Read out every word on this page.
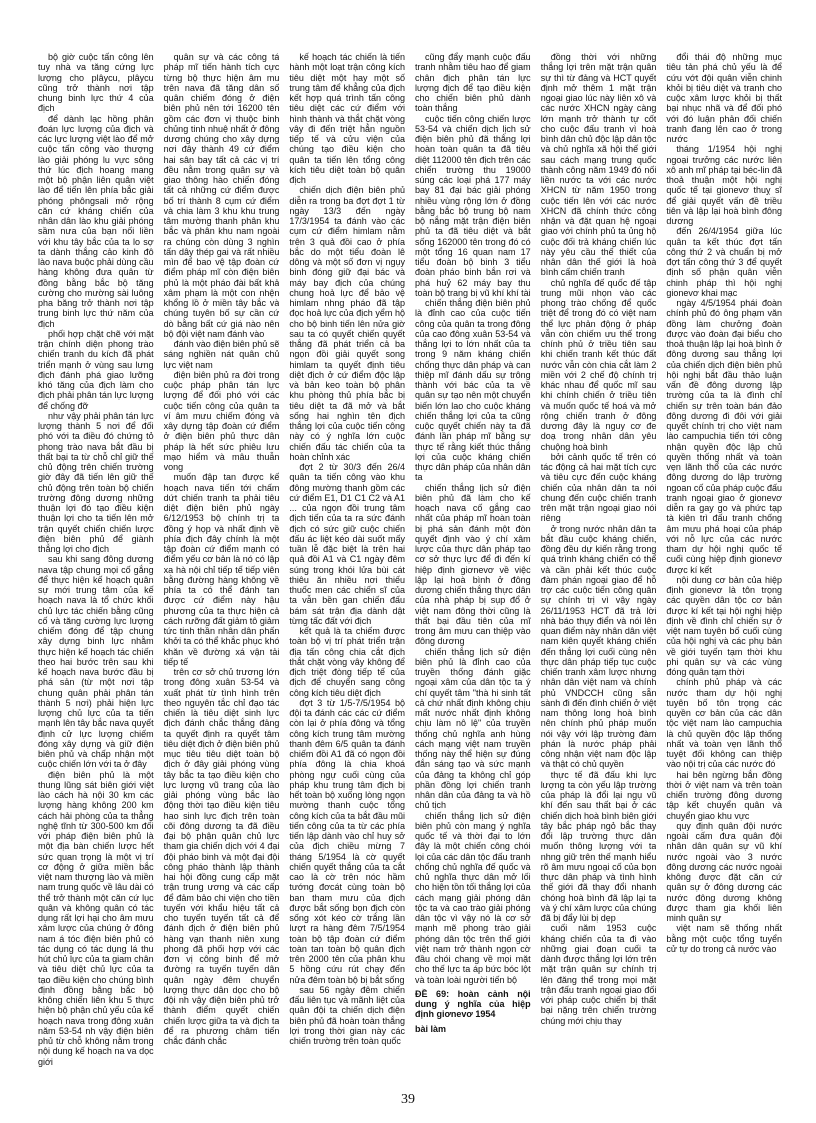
bộ giờ cuộc tấn công lên tuy nhà va tăng cứng lực lượng cho plâycu, plâycu cũng trở thành nơi tập chung binh lực thứ 4 của địch

để dành lạc hồng phân đoán lực lượng của địch và các lực lượng việt lào để mở cuộc tấn công vào thượng lào giải phóng lu vực sông thứ lúc địch hoang mang một bộ phận liên quân việt lào để tiến lên phía bắc giải phóng phôngsali mở rộng căn cứ kháng chiến của nhân dân lào khu giải phóng sầm nưa của bạn nối liền với khu tây bắc của ta lo sợ ta dành thắng cảo kinh đô lào nava buộc phải dùng cầu hàng không đưa quân từ đồng bằng bắc bộ tăng cường cho mường sài luông pha băng trở thành nơi tập trung binh lực thứ năm của địch

phối hợp chặt chẽ với mặt trận chính diện phong trào chiến tranh du kích đã phát triển mạnh ở vùng sau lưng địch đánh phá giao lưỡng khó tăng của địch làm cho địch phải phân tán lực lượng để chống đỡ

như vậy phải phân tán lực lượng thành 5 nơi để đối phó với ta điều đó chứng tỏ phong trào nava bắt đầu bị thất bại ta từ chỗ chỉ giữ thế chủ động trên chiến trường giờ đây đã tiến lên giữ thế chủ động trên toàn bộ chiến trường đông dương những thuận lợi đó tạo điều kiện thuận lợi cho ta tiến lên mở trận quyết chiến chiến lược điện biên phủ để giành thắng lợi cho địch

sau khi sang đông dương nava tập chung mọi cố gắng để thực hiện kế hoạch quân sự mới trung tâm của kế hoạch nava là tổ chức khối chủ lực tác chiến bằng cũng cố và tăng cường lực lượng chiếm đóng để tập chung xây dựng binh lực nhằm thực hiện kế hoạch tác chiến theo hai bước trên sau khi kế hoạch nava bước đầu bị phá sản (từ một nơi tập chung quân phải phân tán thành 5 nơi) phải hiện lực lượng chủ lực của ta tiến mạnh lên tây bắc nava quyết định cử lực lượng chiếm đóng xây dựng và giữ điện biên phủ và chấp nhận một cuộc chiến lớn với ta ở đây

điện biên phủ là một thung lũng sát biên giới việt lào cách hà nội 30 km các lượng hàng không 200 km cách hải phòng của ta thẳng nghệ tĩnh từ 300-500 km đối với pháp điện biên phủ là một địa bàn chiến lược hết sức quan trọng là một vị trí cơ động ở giữa miền bắc việt nam thượng lào và miền nam trung quốc về lâu dài có thể trở thành một căn cứ lục quân và không quân có tác dụng rất lợi hại cho âm mưu xâm lược của chúng ở đông nam á tóc điện biên phủ có tác dụng có tác dụng lá thu hút chủ lực của ta giam chân và tiêu diệt chủ lực của ta tạo điều kiện cho chúng bình định đồng bằng bắc bộ không chiến liên khu 5 thực hiện bộ phận chủ yếu của kế hoạch nava trong đông xuân năm 53-54 nh vậy điện biên phủ từ chỗ không nằm trong nội dung kế hoạch na va dọc giới

quân sự và các công tá pháp mĩ tiến hành tích cực từng bộ thực hiện âm mu trên nava đã tăng dân số quân chiếm đóng ở điện biên phủ nên tới 16200 tên gồm các đơn vị thuộc binh chủng tinh nhuệ nhất ở đông dương chúng cho xây dựng nơi đây thành 49 cứ điểm hai sân bay tất cả các vị trí đều nằm trong quân sự và giao thông hào chiến đóng tất cả những cứ điểm được bố trí thành 8 cụm cứ điểm và chia làm 3 khu khu trung tâm mường thanh phân khu bắc và phân khu nam ngoài ra chúng còn dùng 3 nghìn tấn dây thép gai và rất nhiều mìn để bao vệ tập đoàn cứ điểm pháp mĩ còn điện biên phủ là một pháo đài bất khả xâm phạm là một con nhện khổng lồ ở miền tây bắc và chúng tuyên bố sự cần cứ dò bằng bất cứ giá nào nên bộ đội việt nam đánh vào

đánh vào điện biên phủ sẽ sáng nghiền nát quân chủ lực việt nam

điện biên phủ ra đời trong cuộc pháp phân tán lực lượng để đối phó với các cuộc tiến công của quân ta ví âm mưu chiếm đóng và xây dựng tập đoàn cứ điểm ở điện biên phủ thực dân pháp là hết sức phiêu lưu mạo hiểm và mâu thuẫn vong

muốn đập tan được kế hoạch nava tiến tới chấm dứt chiến tranh ta phải tiêu diệt điện biên phủ ngày 6/12/1953 bộ chính trị ta đồng ý họp và nhất định về phía địch đây chính là một tập đoàn cứ điểm mạnh có điểm yếu cơ bản là nó có lập xa hà nội chỉ tiếp tế tiếp viên bằng đường hàng không về phía ta có thể đánh tan được cứ điểm này hậu phương của ta thực hiện cả cách rưỡng đất giảm tô giảm tức tinh thần nhân dân phấn khởi ta có thể khắc phục khó khăn về đường xá vận tải tiếp tế

trên cơ sở chủ trương lớn trong đông xuân 53-54 và xuất phát từ tình hình trên theo nguyên tắc chỉ đạo tác chiến là tiêu diệt sinh lực địch đánh chắc thắng đảng ta quyết định ra quyết tâm tiêu diệt địch ở điện biên phủ mục tiêu tiêu diệt toàn bộ địch ở đây giải phóng vùng tây bắc ta tạo điều kiện cho lực lượng vũ trang của lào giải phóng vùng bắc lào động thời tạo điều kiện tiêu hao sinh lực địch trên toàn cõi đông dương ta đã điều đại bộ phận quân chủ lực tham gia chiến dịch với 4 đại đội pháo binh và một đại đội công pháo thành lập thành hai hội đồng cung cấp mặt trận trung ương và các cấp để đảm bảo chi viện cho tiền tuyến với khẩu hiệu tất cả cho tuyến tuyến tất cả để đánh địch ở điện biên phủ hàng vạn thanh niên xung phong đã phối hợp với các đơn vị công binh để mở đường ra tuyến tuyến dân quân ngày đêm chuyển lượng thực dân dọc cho bộ đội nh vậy điện biên phủ trở thành điểm quyết chiến chiến lược giữa ta và địch ta để ra phương châm tiến chắc đánh chắc

kế hoạch tác chiến là tiến hành một loạt trận công kích tiêu diệt một hay một số trung tâm để khẳng của địch kết hợp quá trình tấn công tiêu diệt các cứ điểm với hình thành và thắt chặt vòng vây đi đến triệt hẳn nguồn tiếp tế và cửu viện của chúng tạo điều kiện cho quân ta tiến lên tổng công kích tiêu diệt toàn bộ quân địch

chiến dịch điện biên phủ diễn ra trong ba đợt đợt 1 từ ngày 13/3 đến ngày 17/3/1954 ta đánh vào các cụm cứ điểm himlam nằm trên 3 quả đồi cao ở phía bắc do một tiểu đoàn lê dông và một số đơn vị ngụy binh đóng giữ đại bác và máy bay địch của chúng chung hoả lực để bảo vệ himlam nhng pháo đã tập đọc hoả lực của địch yểm hộ cho bộ binh tiến lên nửa giờ sau ta có quyết chiến quyết thắng đã phát triển cả ba ngọn đồi giải quyết song himlam ta quyết định tiêu diệt địch ở cứ điểm độc lập và bản keo toàn bộ phân khu phòng thủ phía bắc bị tiêu diệt ta đã mở và bắt sống hai nghìn tên địch thắng lợi của cuộc tiến công này có ý nghĩa lớn cuộc chiến đấu tác chiến của ta hoàn chỉnh xác

đợt 2 từ 30/3 đến 26/4 quân ta tiến công vào khu đông mường thanh gồm các cứ điểm E1, D1 C1 C2 và A1 ... của ngọn đồi trung tâm địch tiến của ta ra sức đánh địch có sức giữ cuộc chiến đấu ác liệt kéo dài suốt mấy tuần lễ đặc biệt là trên hai quả đồi A1 và C1 ngày đêm súng trong khói lửa bùi cát thiêu ăn nhiều nơi thiếu thuốc men các chiến sĩ của ta vẫn bền gan chiến đấu bám sát trận địa dành dật từng tấc đất với địch

kết quả là ta chiếm được toàn bộ vị trí phát triển trận địa tấn công chia cắt địch thắt chặt vòng vây không để địch triệt đòng tiếp tế của địch để chuyển sang công công kích tiêu diệt địch

đợt 3 từ 1/5-7/5/1954 bộ đội ta đánh các các cứ điểm còn lại ở phía đông và tổng công kích trung tâm mường thanh đêm 6/5 quân ta đánh chiếm đồi A1 đã có ngọn đồi phía đông là chia khoá phòng ngự cuối cùng của pháp khu trung tâm địch bị hết toàn bộ xuống lòng ngọn mường thanh cuộc tổng công kích của ta bắt đầu mũi tiến công của ta từ các phía tiến lập dành vào chỉ huy sở của địch chiều mừng 7 tháng 5/1954 là cờ quyết chiến quyết thắng của ta cắt cao là cờ trên nóc hầm tướng đơcát cùng toàn bộ ban tham mưu của địch được bắt sống bọn địch còn sống xót kéo cờ trắng lần lượt ra hàng đêm 7/5/1954 toàn bộ tập đoàn cứ điểm toàn tan toàn bộ quân địch trên 2000 tên của phân khu 5 hồng cứu rút chạy đến nửa đêm toàn bộ bị bắt sống

sau 56 ngày đêm chiến đấu liên tục và mãnh liệt của quân đội ta chiến dịch điện biên phủ đã hoàn toàn thắng lợi trong thời gian này các chiến trường trên toàn quốc

cũng đẩy mạnh cuộc đấu tranh nhằm tiêu hao để giam chân địch phân tán lực lượng địch để tạo điều kiện cho chiến biên phủ dành toàn thắng

cuộc tiến công chiến lược 53-54 và chiến dịch lịch sử điện biên phủ đã thắng lợi hoàn toàn quân ta đã tiêu diệt 112000 tên địch trên các chiến trường thu 19000 súng các loại phá 177 máy bay 81 đại bác giải phóng nhiều vùng rộng lớn ở đồng bằng bắc bộ trung bộ nam bộ nắng mặt trận điện biên phủ ta đã tiêu diệt và bắt sống 162000 tên trong đó có một tổng 16 quan nam 17 tiểu đoàn bộ binh 3 tiểu đoàn pháo binh bắn rơi và phá huỷ 62 máy bay thu toàn bộ trang bị vũ khí khí tài

chiến thắng điện biên phủ là đỉnh cao của cuộc tiến công của quân ta trong đông của cao đông xuân 53-54 và thắng lợi to lớn nhất của ta trong 9 năm kháng chiến chống thực dân pháp và can thiệp mĩ đánh dấu sự trông thành với bác của ta về quân sự tạo nên một chuyển biến lớn lao cho cuộc kháng chiến thắng lợi của ta cũng cuộc quyết chiến này ta đã đánh lần pháp mĩ bằng sự thực tế rằng kiết thúc thắng lợi của cuộc kháng chiến thực dân pháp của nhân dân ta

chiến thắng lịch sử điện biên phủ đã làm cho kế hoạch nava cố gắng cao nhất của pháp mĩ hoàn toàn bị phá sản đánh một đòn quyết định vào ý chí xâm lược của thực dân pháp tạo cơ sở thực lực để đi đến kí hiệp định giơnevơ về việc lập lại hoà bình ở đông dương chiến thắng thực dân của nhà pháp bị sụp đổ ở việt nam đông thời cũng là thất bại đầu tiên của mĩ trong âm mưu can thiệp vào đông dương

chiến thắng lịch sử điện biên phủ là đỉnh cao của truyền thống đánh giặc ngoại xâm của dân tộc ta ý chí quyết tâm "thà hi sinh tất cả chứ nhất định không chịu mất nước nhất định không chịu làm nô lệ" của truyền thống chủ nghĩa anh hùng cách mạng việt nam truyền thống này thể hiện sự đúng đắn sáng tạo và sức mạnh của đảng ta không chỉ góp phần đồng lợi chiến tranh nhân dân của đảng ta và hồ chủ tịch

chiến thắng lịch sử điện biên phủ còn mang ý nghĩa quốc tế và thời đại to lớn đây là một chiến công chói lọi của các dân tộc đấu tranh chống chủ nghĩa đế quốc và chủ nghĩa thực dân mở lối cho hiện tồn tối thắng lợi của cách mạng giải phóng dân tộc ta và cao trào giải phóng dân tộc vì vậy nó là cơ sở mạnh mẽ phong trào giải phóng dân tộc trên thế giới việt nam trở thành ngọn cờ đầu chói chang về mọi mặt cho thế lực ta áp bức bóc lột và toàn loài người tiến bộ

ĐỀ 69: hoàn cảnh nội dung ý nghĩa của hiệp định giơnevơ 1954

bài làm

đồng thời với những thắng lợi trên mặt trận quân sự thì từ đảng và HCT quyết định mở thêm 1 mặt trận ngoại giao lúc này liên xô và các nước XHCN ngày càng lớn mạnh trở thành tự cốt cho cuộc đấu tranh vì hoà bình dân chủ độc lập dân tộc và chủ nghĩa xã hội thế giới sau cách mạng trung quốc thành công năm 1949 đó nối liền nước ta với các nước XHCN từ năm 1950 trong cuộc tiến lên với các nước XHCN đã chính thức công nhận và đặt quan hệ ngoại giao với chính phủ ta ủng hộ cuộc đối trả kháng chiến lúc này yêu cầu thế thiết của nhân dân thế giới là hoà bình cấm chiến tranh

chủ nghĩa đế quốc đế tập trung mũi nhọn vào các phong trào chống để quốc triệt để trong đó có việt nam thể lực phản động ở pháp vẫn còn chiếm ưu thế trong chính phủ ở triều tiên sau khi chiến tranh kết thúc đất nước vẫn còn chia cắt làm 2 miền với 2 chế độ chính trị khác nhau để quốc mĩ sau khi chính chiến ở triều tiên và muốn quốc tế hoá và mở rộng chiến tranh ở đông dương đây là nguy cơ đe doạ trong nhân dân yêu chuộng hoà bình

bởi cảnh quốc tế trên có tác động cả hai mặt tích cực và tiêu cực đến cuộc kháng chiến của nhân dân ta nói chung đến cuộc chiến tranh trên mặt trận ngoại giao nói riêng

ở trong nước nhân dân ta bắt đầu cuộc kháng chiến, đồng đều dự kiến rằng trong quá trình kháng chiến có thể và cần phải kết thúc cuộc đàm phán ngoại giao để hỗ trợ các cuộc tiến công quân sự chính trị vì vậy ngày 26/11/1953 HCT đã trả lời nhà báo thụy điển và nói lên quan điểm này nhân dân việt nam kiên quyết kháng chiến đến thắng lợi cuối cùng nên thực dân pháp tiếp tục cuộc chiến tranh xâm lược nhưng nhân dân việt nam và chính phủ VNDCCH cũng sẵn sành đi đến đình chiến ở việt nam thông long hoà bình nên chính phủ pháp muốn nói vậy với lập trường đàm phán là nước pháp phải công nhận việt nam độc lập và thật có chủ quyền

thực tế đã đấu khi lực lượng ta còn yếu lập trường của pháp là đổi lại ngụ vũ khí đến sau thất bại ở các chiến dịch hoà bình biên giới tây bắc pháp ngỏ bắc thay đổi lập trường thực dân muốn thông lượng với ta nhng giữ trên thế mạnh hiểu rõ âm mưu ngoại cố của bọn thực dân pháp và tình hình thế giới đã thay đổi nhanh chóng hoà bình đã lập lại ta và ý chí xâm lược của chúng đã bị đẩy lùi bị dẹp

cuối năm 1953 cuộc kháng chiến của ta đi vào những giai đoạn cuối ta dành được thắng lợi lớn trên mặt trận quân sự chính trị lên đăng thể trong mọi mặt trận đấu tranh ngoại giao đối với pháp cuộc chiến bị thất bại nặng trên chiến trường chúng mới chịu thay

đổi thái độ những mục tiêu tản phá chủ yếu là để cứu vớt đội quân viễn chinh khỏi bị tiêu diệt và tranh cho cuộc xâm lược khỏi bị thất bại nhục nhã và để đối phó với đó luận phản đối chiến tranh đang lên cao ở trong nước

tháng 1/1954 hội nghị ngoại trưởng các nước liên xô anh mĩ pháp tại béc-lin đã thoả thuận một hội nghị quốc tế tại gionevơ thuỵ sĩ để giải quyết vấn đề triều tiên và lập lại hoà bình đông dương

đến 26/4/1954 giữa lúc quân ta kết thúc đợt tấn công thứ 2 và chuẩn bị mở đợt tấn công thứ 3 để quyết định số phận quân viễn chinh pháp thì hội nghị gionevơ khai mạc

ngày 4/5/1954 phái đoàn chính phủ đó ông phạm văn đồng làm chưởng đoàn được vào đoàn đại biểu cho thoả thuận lập lại hoà bình ở đông dương sau thắng lợi của chiến dịch điện biên phủ hội nghị bắt đầu thảo luận vấn đề đông dương lập trường của ta là đình chỉ chiến sự trên toàn bán đảo đông dương đi đôi với giải quyết chính trị cho việt nam lào campuchia tiến tới công nhận quyền độc lập chủ quyền thống nhất và toàn vẹn lãnh thổ của các nước đông dương do lập trường ngoan cố của pháp cuộc đấu tranh ngoại giao ở gionevơ diễn ra gay go và phức tạp tà kiên trì đấu tranh chống âm mưu phá hoại của pháp với nỗ lực của các nước tham dự hội nghị quốc tế cuối cùng hiệp định gionevơ được kí kết

nội dung cơ bản của hiệp định gionevơ là tôn trọng các quyền dân tộc cơ bản được kí kết tại hội nghị hiệp định về đình chỉ chiến sự ở việt nam tuyên bố cuối cùng của hội nghị và các phụ bản về giới tuyến tạm thời khu phi quân sự và các vùng đóng quân tạm thời

chính phủ pháp và các nước tham dự hội nghị tuyên bố tôn trọng các quyền cơ bản của các dân tộc việt nam lào campuchia là chủ quyền độc lập thống nhất và toàn vẹn lãnh thổ tuyệt đối không can thiệp vào nội trị của các nước đó

hai bên ngừng bắn đồng thời ở việt nam và trên toàn chiến trường đông dương tập kết chuyển quân và chuyển giao khu vực

quy định quân đội nước ngoài cấm đưa quân đội nhân dân quân sự vũ khí nước ngoài vào 3 nước đông dương các nước ngoài không được đặt căn cứ quân sự ở đông dương các nước đông dương không được tham gia khối liên minh quân sự

việt nam sẽ thống nhất bằng một cuộc tổng tuyển cử tự do trong cả nước vào

39
